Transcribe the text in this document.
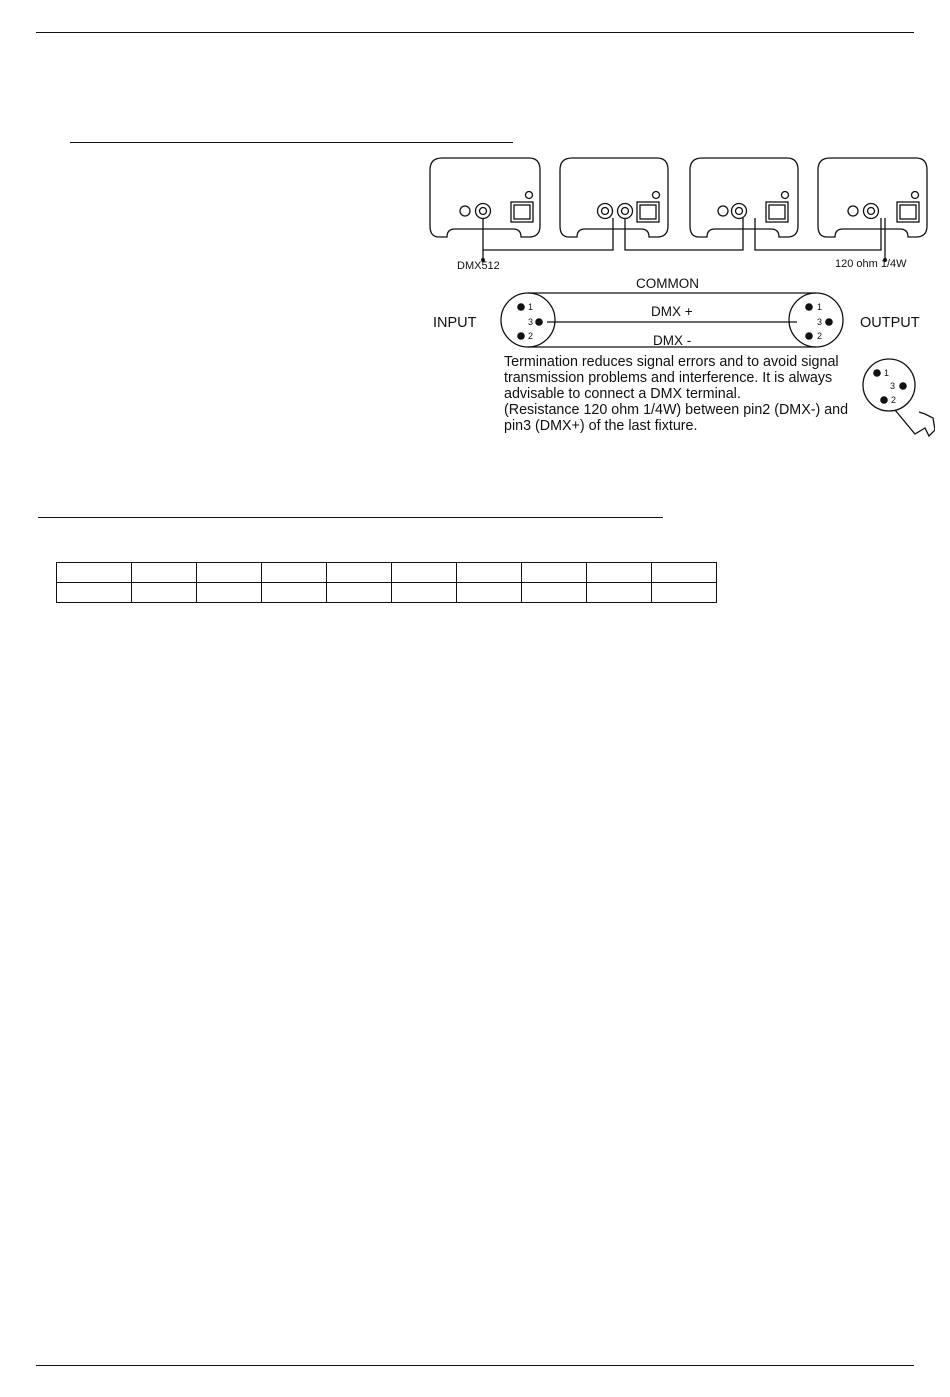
DMX512	120 ohm 1/4W
COMMON
DMX +
DMX -
INPUT	OUTPUT
1
3
2
1
3
2
1
3
2
Termination reduces signal errors and to avoid signal
transmission problems and interference. It is always
advisable to connect a DMX terminal.
(Resistance 120 ohm 1/4W) between pin2 (DMX-) and
pin3 (DMX+) of the last fixture.
